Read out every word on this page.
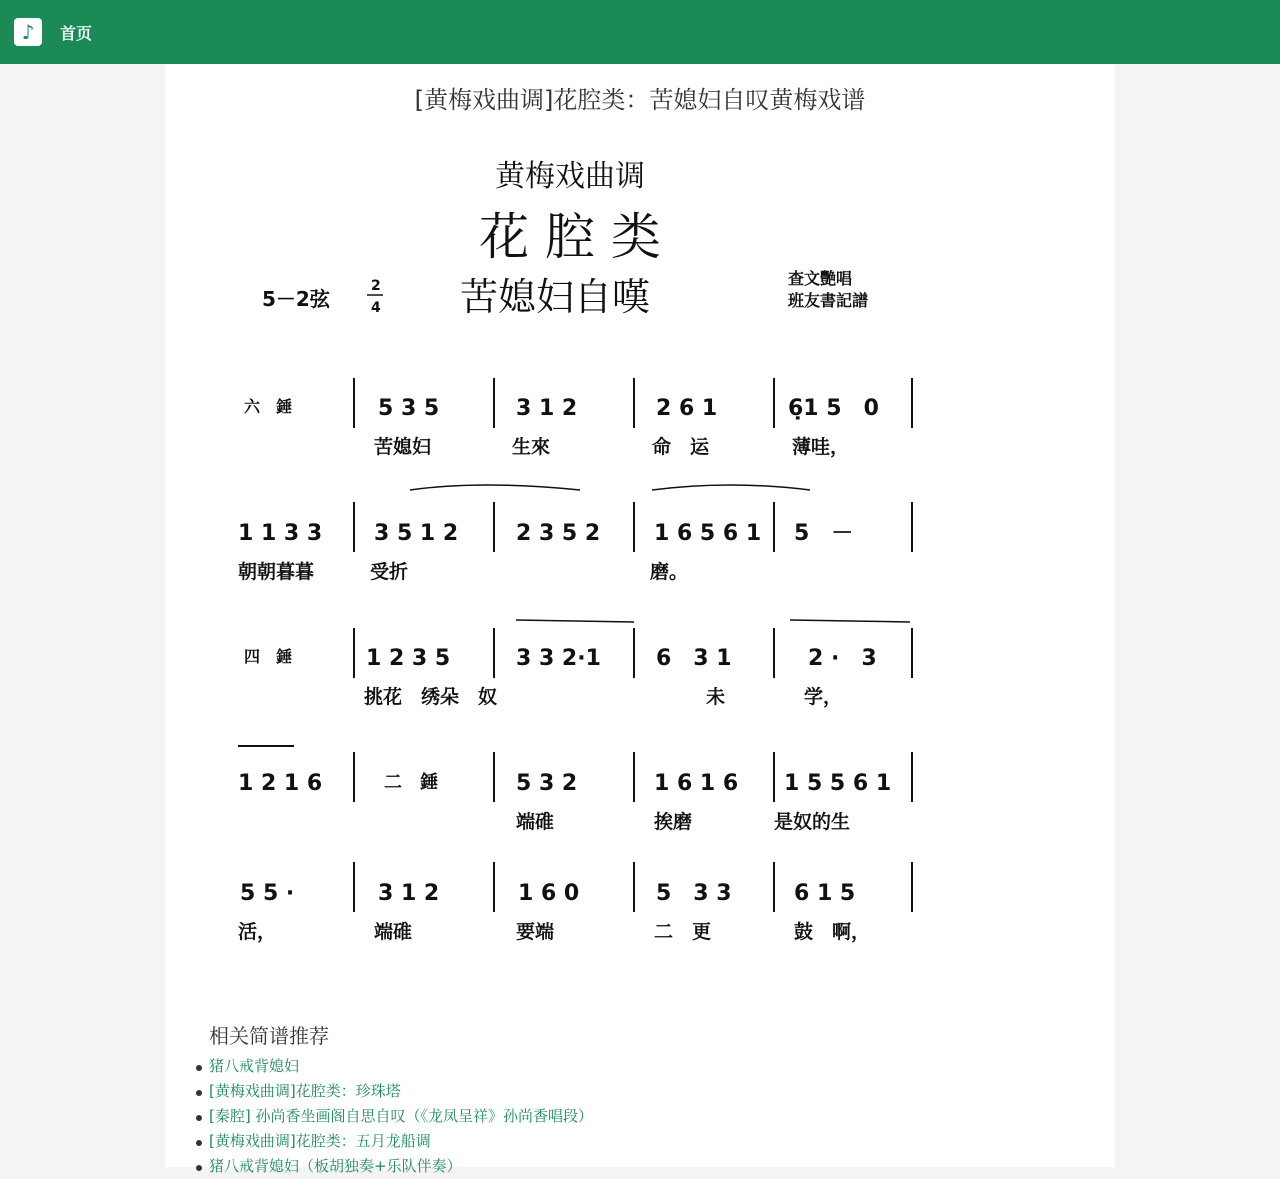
♪	首页
[黄梅戏曲调]花腔类：苦媳妇自叹黄梅戏谱
黄梅戏曲调
花 腔 类
苦媳妇自嘆
5－2弦
2
4
查文艷唱
班友書記譜
六　錘	5 3 5	3 1 2	2 6 1	6̣1 5　0
苦媳妇	生來	命　运	薄哇，
1 1 3 3 3 5 1 2	2 3 5 2 1 6 5 6 1 5　－
朝朝暮暮	受折	磨。
四　錘	1 2 3 5	3 3 2·1	6　3 1	2 ·　3
挑花　绣朵　奴	未	学，
1 2 1 6	二　錘	5 3 2	1 6 1 6 1 5 5 6 1
端碓	挨磨	是奴的生
5 5 ·	3 1 2	1 6 0	5　3 3	6 1 5
活，	端碓	要端	二　更	鼓　啊，
相关简谱推荐
猪八戒背媳妇
[黄梅戏曲调]花腔类：珍珠塔
[秦腔] 孙尚香坐画阁自思自叹（《龙凤呈祥》孙尚香唱段）
[黄梅戏曲调]花腔类：五月龙船调
猪八戒背媳妇（板胡独奏+乐队伴奏）
